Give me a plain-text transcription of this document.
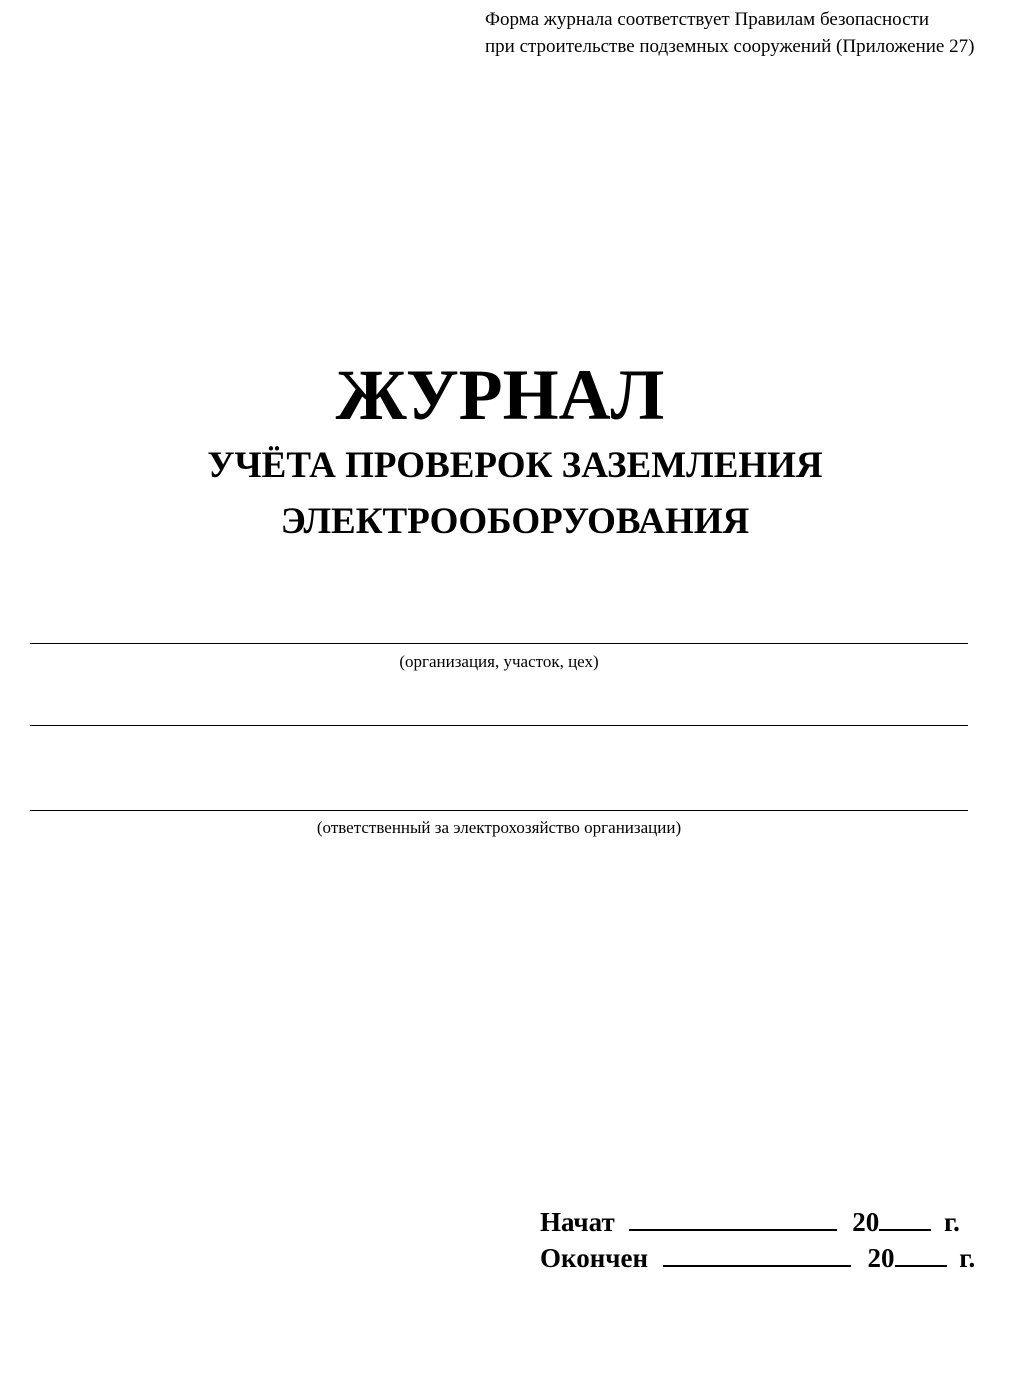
Форма журнала соответствует Правилам безопасности
при строительстве подземных сооружений (Приложение 27)
ЖУРНАЛ
УЧЁТА ПРОВЕРОК ЗАЗЕМЛЕНИЯ
ЭЛЕКТРООБОРУОВАНИЯ
(организация, участок, цех)
(ответственный за электрохозяйство организации)
Начат	20 г.
Окончен	20 г.
